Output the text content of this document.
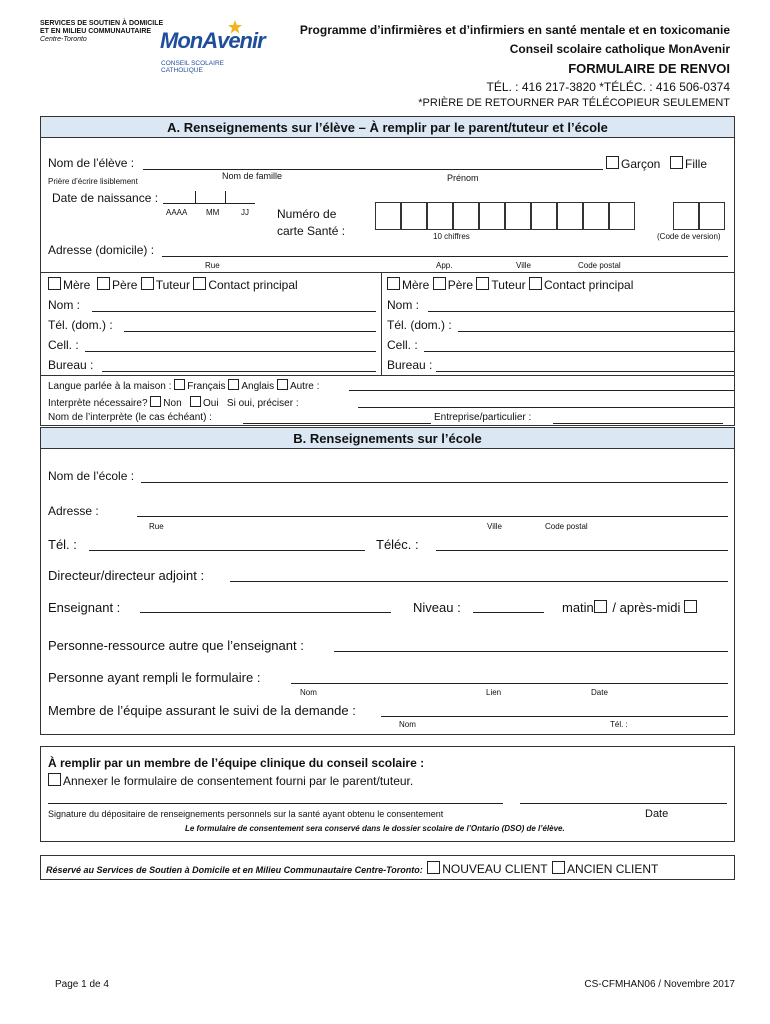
SERVICES DE SOUTIEN À DOMICILE
ET EN MILIEU COMMUNAUTAIRE
Centre-Toronto	MonAvenir
CONSEIL SCOLAIRE CATHOLIQUE
Programme d’infirmières et d’infirmiers en santé mentale et en toxicomanie
Conseil scolaire catholique MonAvenir
FORMULAIRE DE RENVOI
TÉL. : 416 217-3820 *TÉLÉC. : 416 506-0374
*PRIÈRE DE RETOURNER PAR TÉLÉCOPIEUR SEULEMENT
A. Renseignements sur l’élève – À remplir par le parent/tuteur et l’école
Nom de l’élève :	Garçon	Fille
Prière d’écrire lisiblement
Nom de famille	Prénom
Date de naissance :
AAAA MM	JJ Numéro de
carte Santé :	10 chiffres	(Code de version)
Adresse (domicile) :
Rue	App.	Ville	Code postal
Mère Père Tuteur Contact principal
Nom :
Tél. (dom.) :
Cell. :
Bureau :
Mère Père Tuteur Contact principal
Nom :
Tél. (dom.) :
Cell. :
Bureau :
Langue parlée à la maison : Français Anglais Autre :
Interprète nécessaire? Non Oui Si oui, préciser :
Nom de l’interprète (le cas échéant) :	Entreprise/particulier :
B. Renseignements sur l’école
Nom de l’école :
Adresse :
Rue	Ville	Code postal
Tél. :	Téléc. :
Directeur/directeur adjoint :
Enseignant :	Niveau :	matin / après-midi
Personne-ressource autre que l’enseignant :
Personne ayant rempli le formulaire :
Nom	Lien	Date
Membre de l’équipe assurant le suivi de la demande :
Nom	Tél. :
À remplir par un membre de l’équipe clinique du conseil scolaire :
Annexer le formulaire de consentement fourni par le parent/tuteur.
Signature du dépositaire de renseignements personnels sur la santé ayant obtenu le consentement	Date
Le formulaire de consentement sera conservé dans le dossier scolaire de l’Ontario (DSO) de l’élève.
Réservé au Services de Soutien à Domicile et en Milieu Communautaire Centre-Toronto: NOUVEAU CLIENT ANCIEN CLIENT
Page 1 de 4	CS-CFMHAN06 / Novembre 2017
